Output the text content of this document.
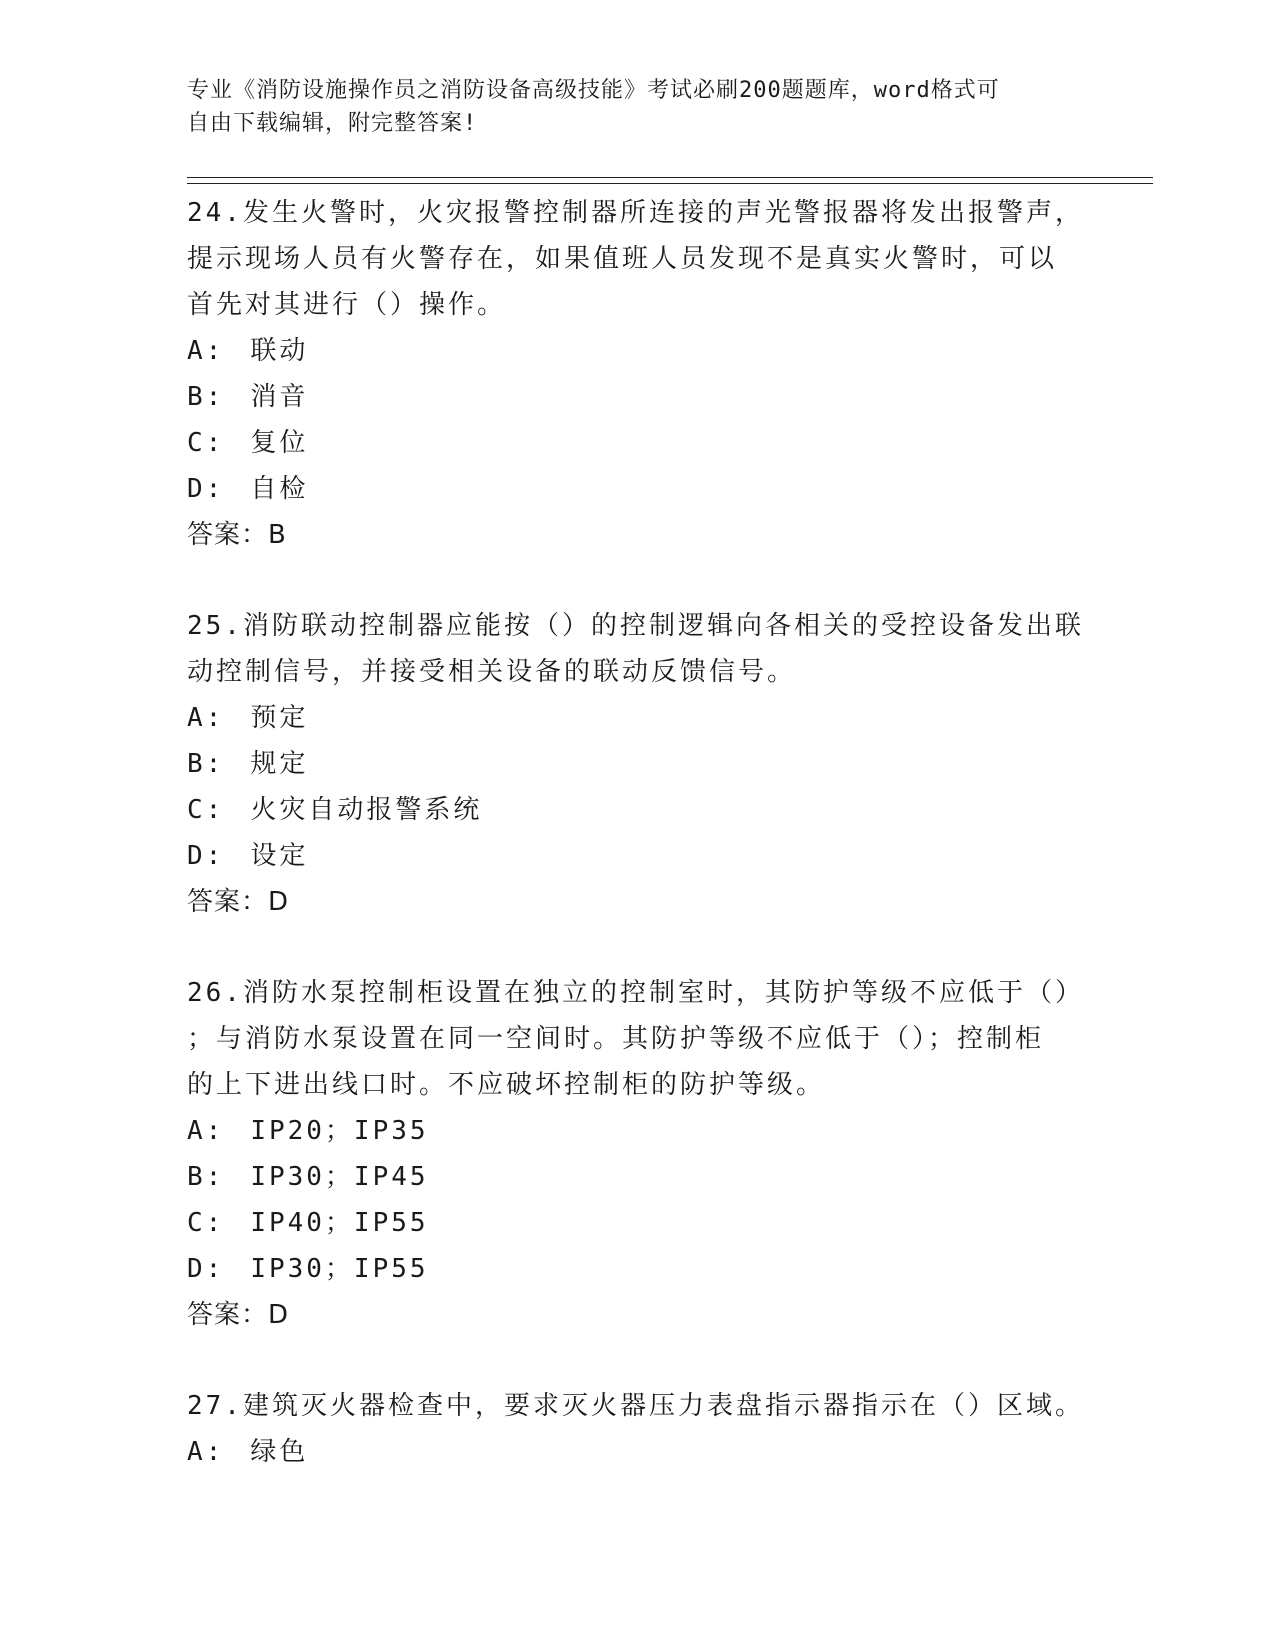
专业《消防设施操作员之消防设备高级技能》考试必刷200题题库，word格式可
自由下载编辑，附完整答案!

24.发生火警时，火灾报警控制器所连接的声光警报器将发出报警声，

提示现场人员有火警存在，如果值班人员发现不是真实火警时，可以

首先对其进行（）操作。

A: 联动
B: 消音
C: 复位
D: 自检

答案：B

25.消防联动控制器应能按（）的控制逻辑向各相关的受控设备发出联

动控制信号，并接受相关设备的联动反馈信号。

A: 预定
B: 规定
C: 火灾自动报警系统
D: 设定

答案：D

26.消防水泵控制柜设置在独立的控制室时，其防护等级不应低于（）

；与消防水泵设置在同一空间时。其防护等级不应低于（）；控制柜

的上下进出线口时。不应破坏控制柜的防护等级。

A: IP20；IP35
B: IP30；IP45
C: IP40；IP55
D: IP30；IP55

答案：D

27.建筑灭火器检查中，要求灭火器压力表盘指示器指示在（）区域。

A: 绿色
